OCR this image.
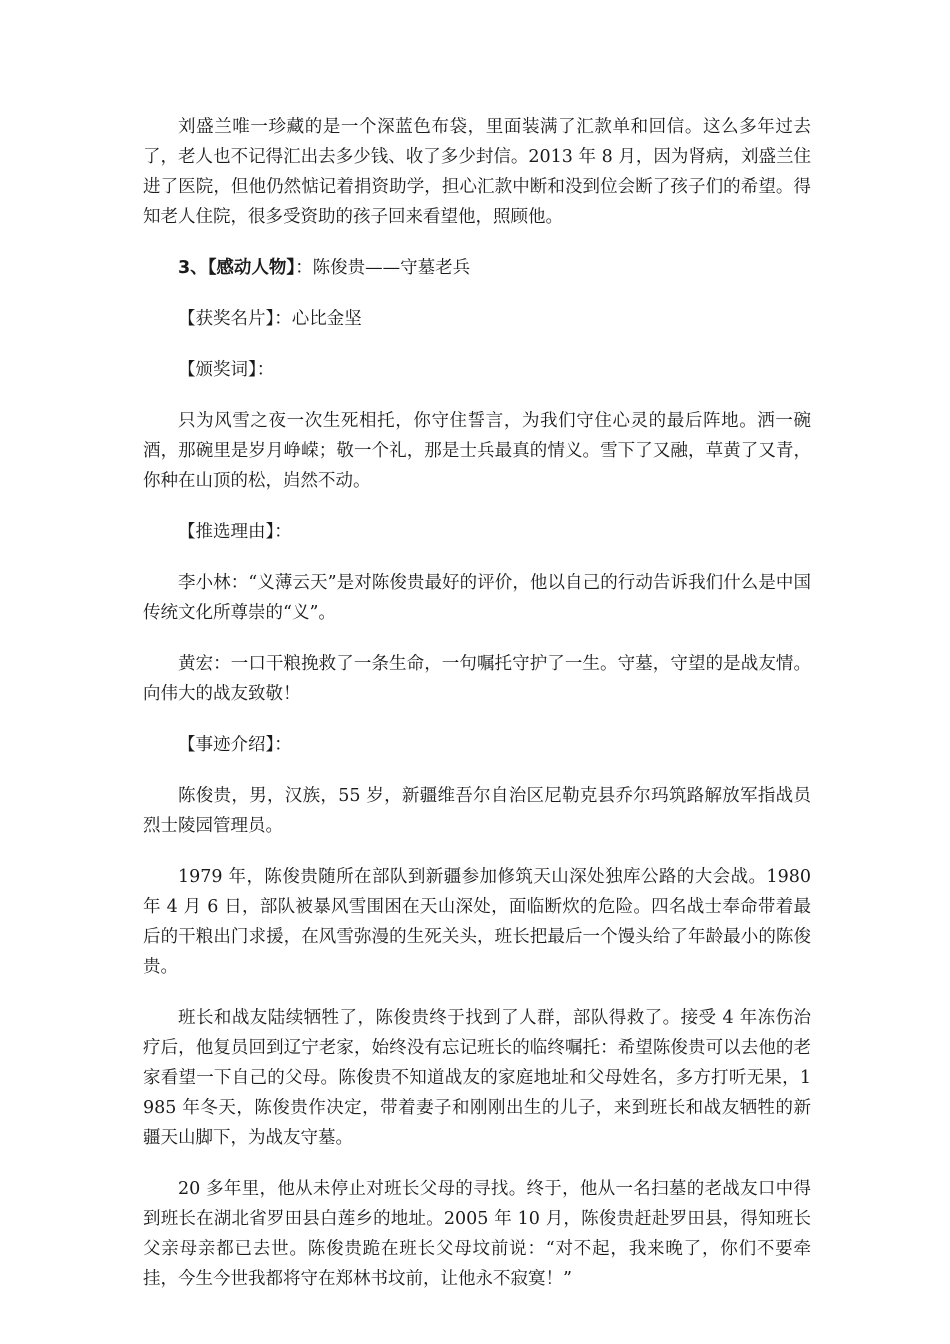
刘盛兰唯一珍藏的是一个深蓝色布袋，里面装满了汇款单和回信。这么多年过去了，老人也不记得汇出去多少钱、收了多少封信。2013 年 8 月，因为肾病，刘盛兰住进了医院，但他仍然惦记着捐资助学，担心汇款中断和没到位会断了孩子们的希望。得知老人住院，很多受资助的孩子回来看望他，照顾他。

3、【感动人物】：陈俊贵——守墓老兵

【获奖名片】：心比金坚

【颁奖词】：

只为风雪之夜一次生死相托，你守住誓言，为我们守住心灵的最后阵地。洒一碗酒，那碗里是岁月峥嵘；敬一个礼，那是士兵最真的情义。雪下了又融，草黄了又青，你种在山顶的松，岿然不动。

【推选理由】：

李小林：“义薄云天”是对陈俊贵最好的评价，他以自己的行动告诉我们什么是中国传统文化所尊崇的“义”。

黄宏：一口干粮挽救了一条生命，一句嘱托守护了一生。守墓，守望的是战友情。向伟大的战友致敬！

【事迹介绍】：

陈俊贵，男，汉族，55 岁，新疆维吾尔自治区尼勒克县乔尔玛筑路解放军指战员烈士陵园管理员。

1979 年，陈俊贵随所在部队到新疆参加修筑天山深处独库公路的大会战。1980 年 4 月 6 日，部队被暴风雪围困在天山深处，面临断炊的危险。四名战士奉命带着最后的干粮出门求援，在风雪弥漫的生死关头，班长把最后一个馒头给了年龄最小的陈俊贵。

班长和战友陆续牺牲了，陈俊贵终于找到了人群，部队得救了。接受 4 年冻伤治疗后，他复员回到辽宁老家，始终没有忘记班长的临终嘱托：希望陈俊贵可以去他的老家看望一下自己的父母。陈俊贵不知道战友的家庭地址和父母姓名，多方打听无果，1985 年冬天，陈俊贵作决定，带着妻子和刚刚出生的儿子，来到班长和战友牺牲的新疆天山脚下，为战友守墓。

20 多年里，他从未停止对班长父母的寻找。终于，他从一名扫墓的老战友口中得到班长在湖北省罗田县白莲乡的地址。2005 年 10 月，陈俊贵赶赴罗田县，得知班长父亲母亲都已去世。陈俊贵跪在班长父母坟前说：“对不起，我来晚了，你们不要牵挂，今生今世我都将守在郑林书坟前，让他永不寂寞！”
